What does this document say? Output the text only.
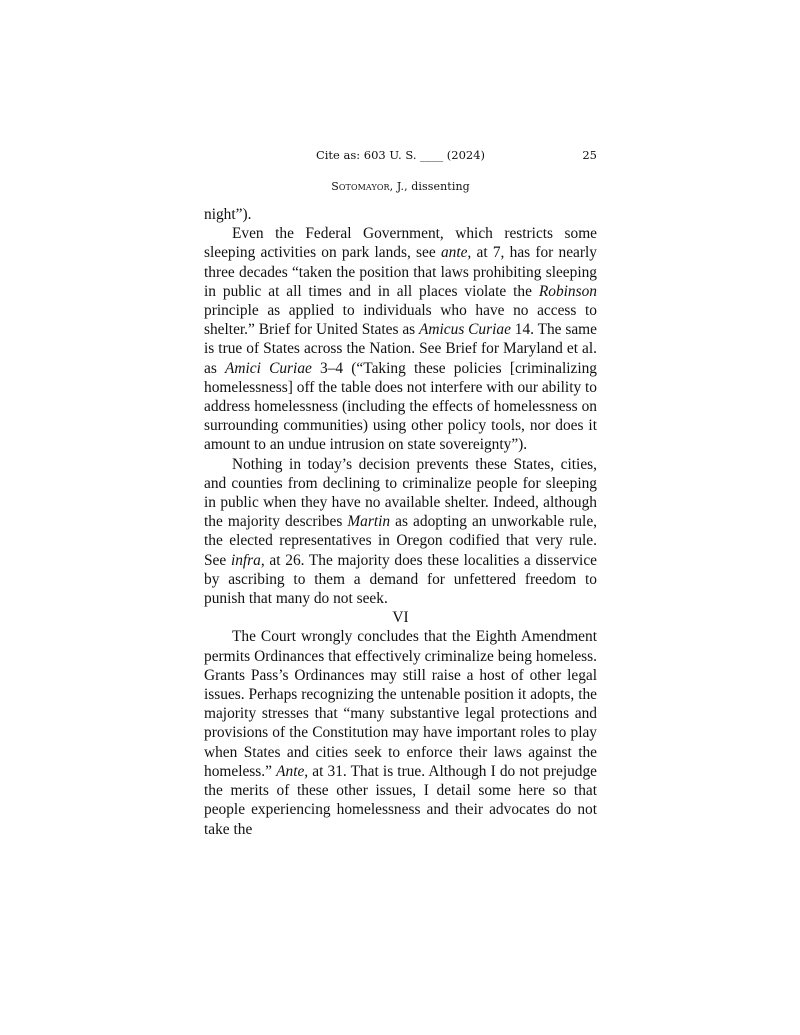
Cite as: 603 U. S. ____ (2024)	25
Sotomayor, J., dissenting

night”).

Even the Federal Government, which restricts some sleeping activities on park lands, see ante, at 7, has for nearly three decades “taken the position that laws prohibiting sleeping in public at all times and in all places violate the Robinson principle as applied to individuals who have no access to shelter.” Brief for United States as Amicus Curiae 14. The same is true of States across the Nation. See Brief for Maryland et al. as Amici Curiae 3–4 (“Taking these policies [criminalizing homelessness] off the table does not interfere with our ability to address homelessness (including the effects of homelessness on surrounding communities) using other policy tools, nor does it amount to an undue intrusion on state sovereignty”).

Nothing in today’s decision prevents these States, cities, and counties from declining to criminalize people for sleeping in public when they have no available shelter. Indeed, although the majority describes Martin as adopting an unworkable rule, the elected representatives in Oregon codified that very rule. See infra, at 26. The majority does these localities a disservice by ascribing to them a demand for unfettered freedom to punish that many do not seek.

VI

The Court wrongly concludes that the Eighth Amendment permits Ordinances that effectively criminalize being homeless. Grants Pass’s Ordinances may still raise a host of other legal issues. Perhaps recognizing the untenable position it adopts, the majority stresses that “many substantive legal protections and provisions of the Constitution may have important roles to play when States and cities seek to enforce their laws against the homeless.” Ante, at 31. That is true. Although I do not prejudge the merits of these other issues, I detail some here so that people experiencing homelessness and their advocates do not take the
